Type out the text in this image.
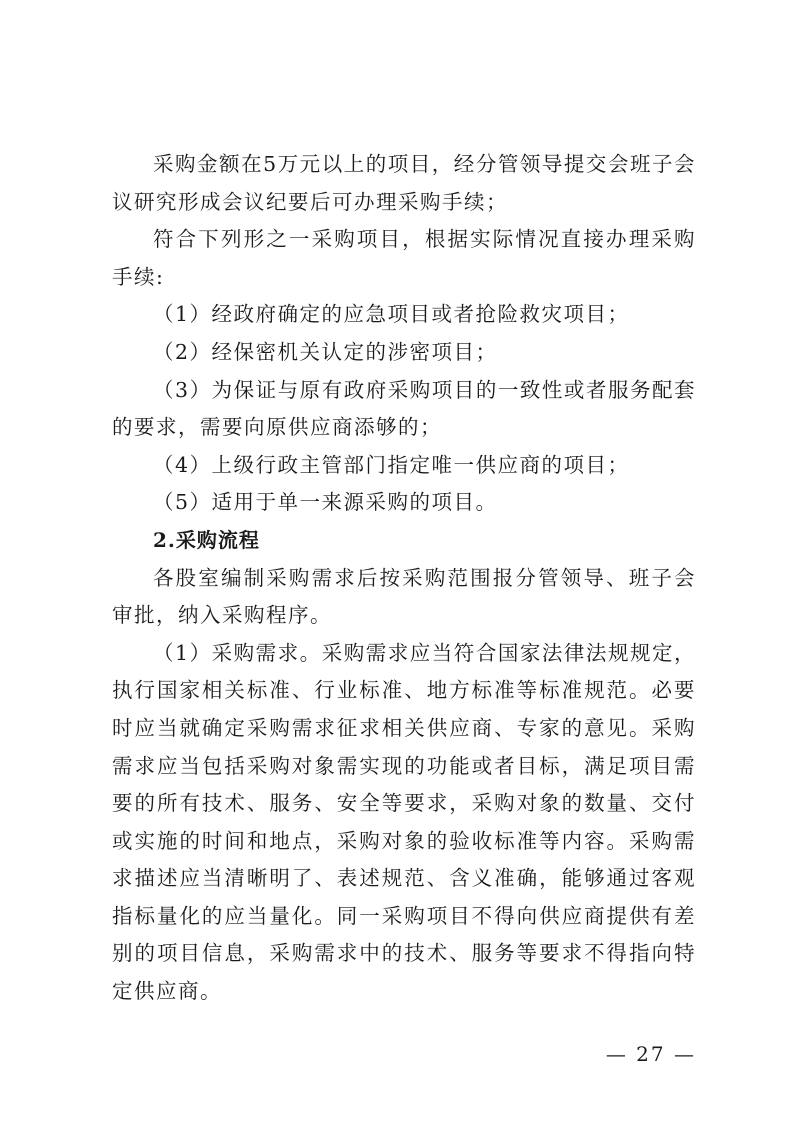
采购金额在5万元以上的项目，经分管领导提交会班子会议研究形成会议纪要后可办理采购手续；

符合下列形之一采购项目，根据实际情况直接办理采购手续:

（1）经政府确定的应急项目或者抢险救灾项目；

（2）经保密机关认定的涉密项目；

（3）为保证与原有政府采购项目的一致性或者服务配套的要求，需要向原供应商添够的；

（4）上级行政主管部门指定唯一供应商的项目；

（5）适用于单一来源采购的项目。

2.采购流程

各股室编制采购需求后按采购范围报分管领导、班子会审批，纳入采购程序。

（1）采购需求。采购需求应当符合国家法律法规规定，执行国家相关标准、行业标准、地方标准等标准规范。必要时应当就确定采购需求征求相关供应商、专家的意见。采购需求应当包括采购对象需实现的功能或者目标，满足项目需要的所有技术、服务、安全等要求，采购对象的数量、交付或实施的时间和地点，采购对象的验收标准等内容。采购需求描述应当清晰明了、表述规范、含义准确，能够通过客观指标量化的应当量化。同一采购项目不得向供应商提供有差别的项目信息，采购需求中的技术、服务等要求不得指向特定供应商。

— 27 —
